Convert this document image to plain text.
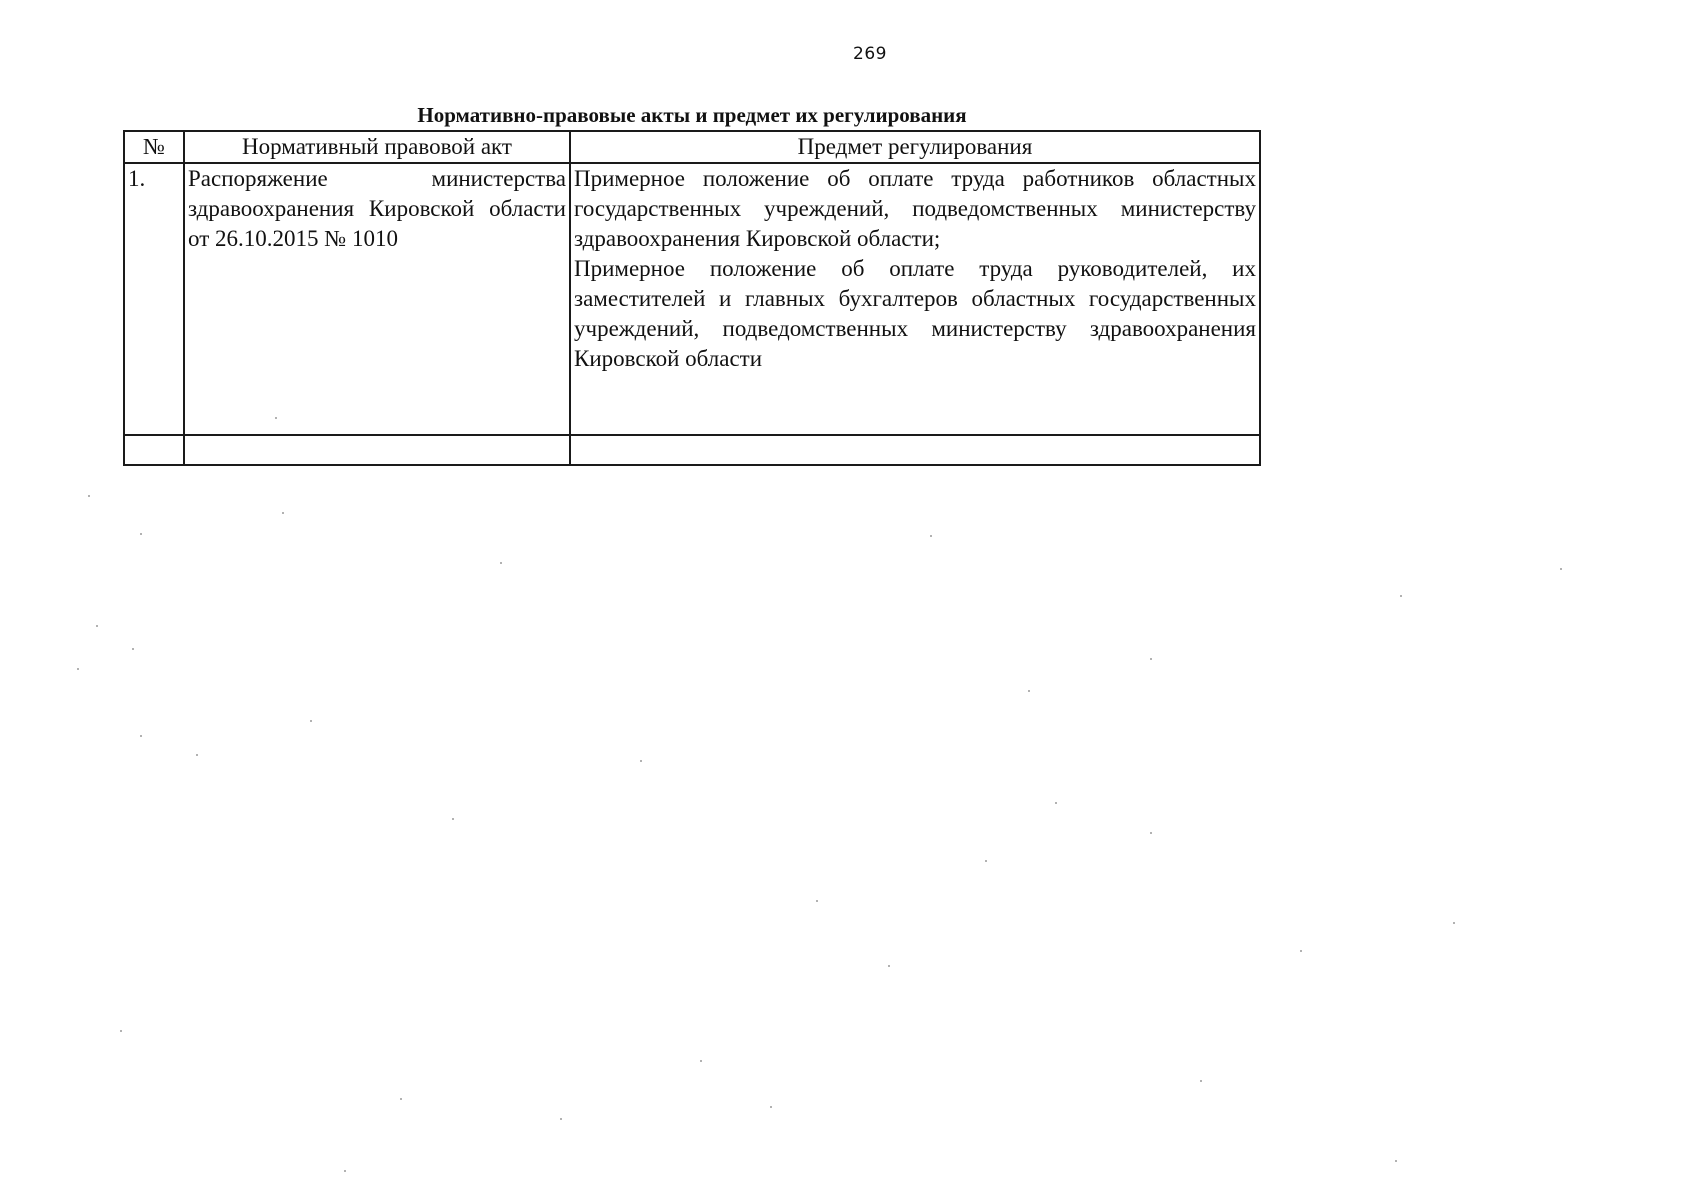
269
Нормативно-правовые акты и предмет их регулирования
№	Нормативный правовой акт	Предмет регулирования
1.	Распоряжение министерства здравоохранения Кировской области от 26.10.2015 № 1010	Примерное положение об оплате труда работников областных государственных учреждений, подведомственных министерству здравоохранения Кировской области;
Примерное положение об оплате труда руководителей, их заместителей и главных бухгалтеров областных государственных учреждений, подведомственных министерству здравоохранения Кировской области
